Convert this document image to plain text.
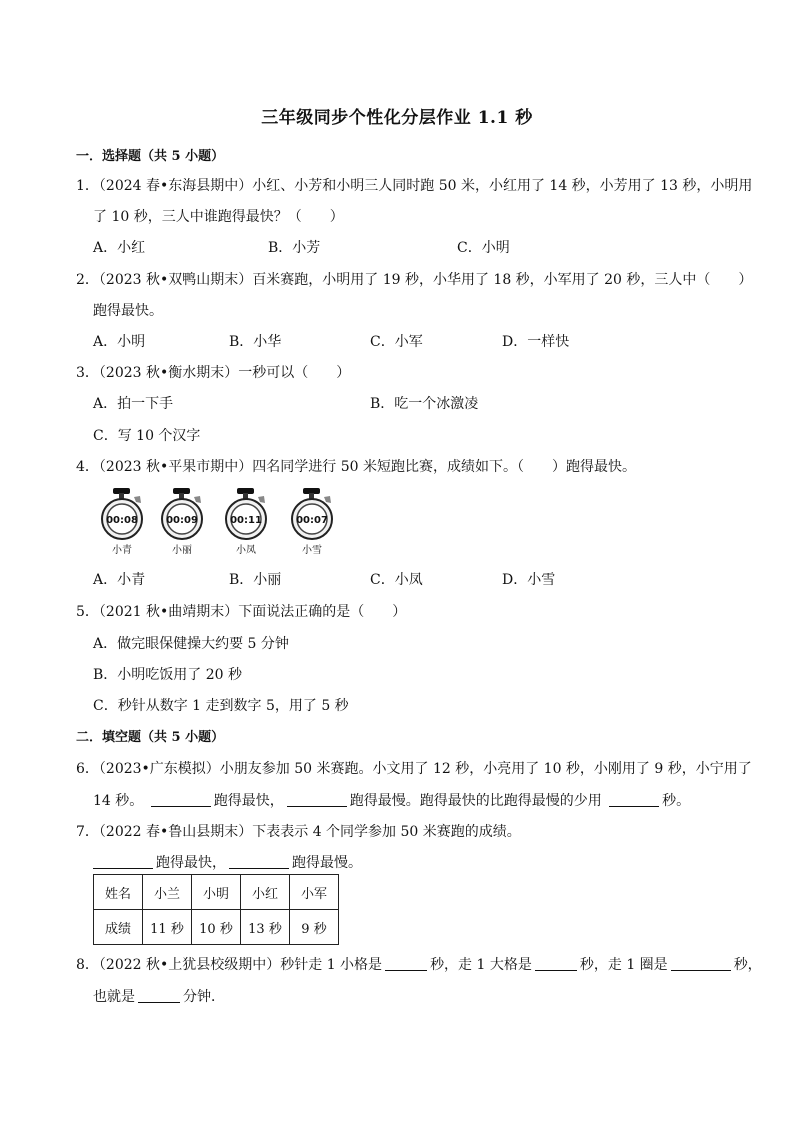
三年级同步个性化分层作业 1.1 秒
一．选择题（共 5 小题）
1．（2024 春•东海县期中）小红、小芳和小明三人同时跑 50 米，小红用了 14 秒，小芳用了 13 秒，小明用
了 10 秒，三人中谁跑得最快？（　　）
A．小红	B．小芳	C．小明
2．（2023 秋•双鸭山期末）百米赛跑，小明用了 19 秒，小华用了 18 秒，小军用了 20 秒，三人中（　　）
跑得最快。
A．小明	B．小华	C．小军	D．一样快
3．（2023 秋•衡水期末）一秒可以（　　）
A．拍一下手	B．吃一个冰激凌
C．写 10 个汉字
4．（2023 秋•平果市期中）四名同学进行 50 米短跑比赛，成绩如下。（　　）跑得最快。
00:08
小青
00:09
小丽
00:11
小凤
00:07
小雪
A．小青	B．小丽	C．小凤	D．小雪
5．（2021 秋•曲靖期末）下面说法正确的是（　　）
A．做完眼保健操大约要 5 分钟
B．小明吃饭用了 20 秒
C．秒针从数字 1 走到数字 5，用了 5 秒
二．填空题（共 5 小题）
6．（2023•广东模拟）小朋友参加 50 米赛跑。小文用了 12 秒，小亮用了 10 秒，小刚用了 9 秒，小宁用了
14 秒。	跑得最快，	跑得最慢。跑得最快的比跑得最慢的少用	秒。
7．（2022 春•鲁山县期末）下表表示 4 个同学参加 50 米赛跑的成绩。
跑得最快，	跑得最慢。
姓名	小兰	小明	小红	小军
成绩	11 秒	10 秒	13 秒	9 秒
8．（2022 秋•上犹县校级期中）秒针走 1 小格是	秒，走 1 大格是	秒，走 1 圈是	秒，
也就是	分钟．
